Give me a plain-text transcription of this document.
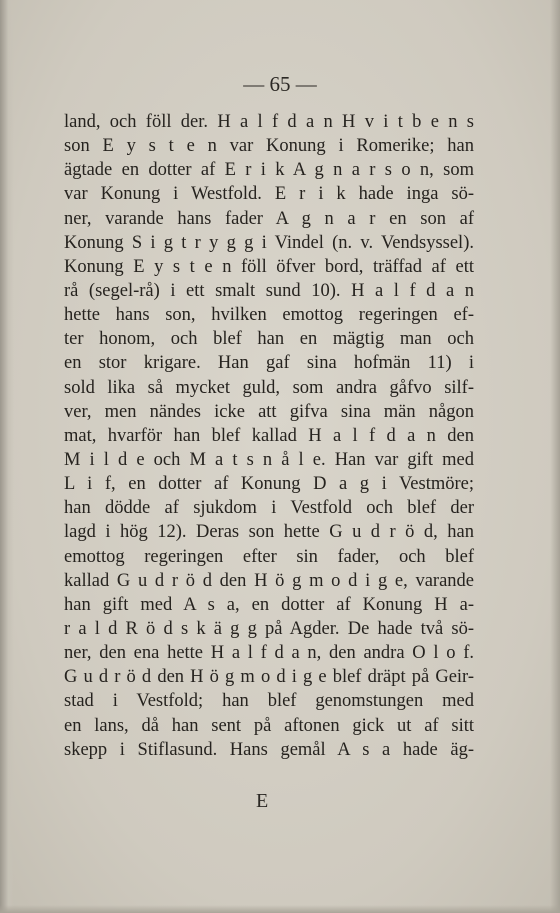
— 65 —
land, och föll der. H a l f d a n H v i t b e n s
son E y s t e n var Konung i Romerike; han
ägtade en dotter af E r i k A g n a r s o n, som
var Konung i Westfold. E r i k hade inga sö-
ner, varande hans fader A g n a r en son af
Konung S i g t r y g g i Vindel (n. v. Vendsyssel).
Konung E y s t e n föll öfver bord, träffad af ett
rå (segel-rå) i ett smalt sund 10). H a l f d a n
hette hans son, hvilken emottog regeringen ef-
ter honom, och blef han en mägtig man och
en stor krigare. Han gaf sina hofmän 11) i
sold lika så mycket guld, som andra gåfvo silf-
ver, men nändes icke att gifva sina män någon
mat, hvarför han blef kallad H a l f d a n den
M i l d e och M a t s n å l e. Han var gift med
L i f, en dotter af Konung D a g i Vestmöre;
han dödde af sjukdom i Vestfold och blef der
lagd i hög 12). Deras son hette G u d r ö d, han
emottog regeringen efter sin fader, och blef
kallad G u d r ö d den H ö g m o d i g e, varande
han gift med A s a, en dotter af Konung H a-
r a l d R ö d s k ä g g på Agder. De hade två sö-
ner, den ena hette H a l f d a n, den andra O l o f.
G u d r ö d den H ö g m o d i g e blef dräpt på Geir-
stad i Vestfold; han blef genomstungen med
en lans, då han sent på aftonen gick ut af sitt
skepp i Stiflasund. Hans gemål A s a hade äg-
E
